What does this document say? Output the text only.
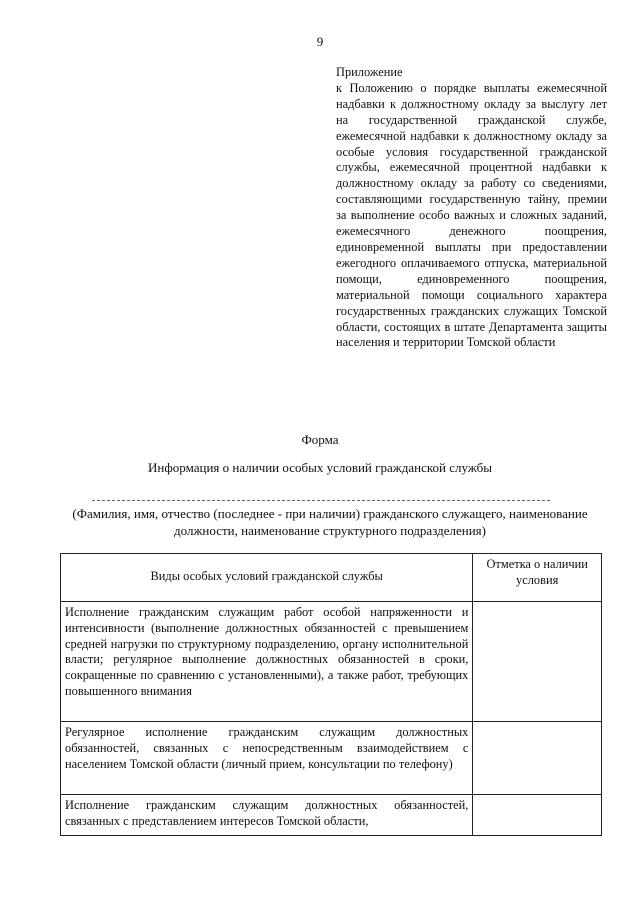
9

Приложение

к Положению о порядке выплаты ежемесячной надбавки к должностному окладу за выслугу лет на государственной гражданской службе, ежемесячной надбавки к должностному окладу за особые условия государственной гражданской службы, ежемесячной процентной надбавки к должностному окладу за работу со сведениями, составляющими государственную тайну, премии за выполнение особо важных и сложных заданий, ежемесячного денежного поощрения, единовременной выплаты при предоставлении ежегодного оплачиваемого отпуска, материальной помощи, единовременного поощрения, материальной помощи социального характера государственных гражданских служащих Томской области, состоящих в штате Департамента защиты населения и территории Томской области

Форма
Информация о наличии особых условий гражданской службы
(Фамилия, имя, отчество (последнее - при наличии) гражданского служащего, наименование должности, наименование структурного подразделения)
Виды особых условий гражданской службы	Отметка о наличии условия
Исполнение гражданским служащим работ особой напряженности и интенсивности (выполнение должностных обязанностей с превышением средней нагрузки по структурному подразделению, органу исполнительной власти; регулярное выполнение должностных обязанностей в сроки, сокращенные по сравнению с установленными), а также работ, требующих повышенного внимания	
Регулярное исполнение гражданским служащим должностных обязанностей, связанных с непосредственным взаимодействием с населением Томской области (личный прием, консультации по телефону)	
Исполнение гражданским служащим должностных обязанностей, связанных с представлением интересов Томской области,	
